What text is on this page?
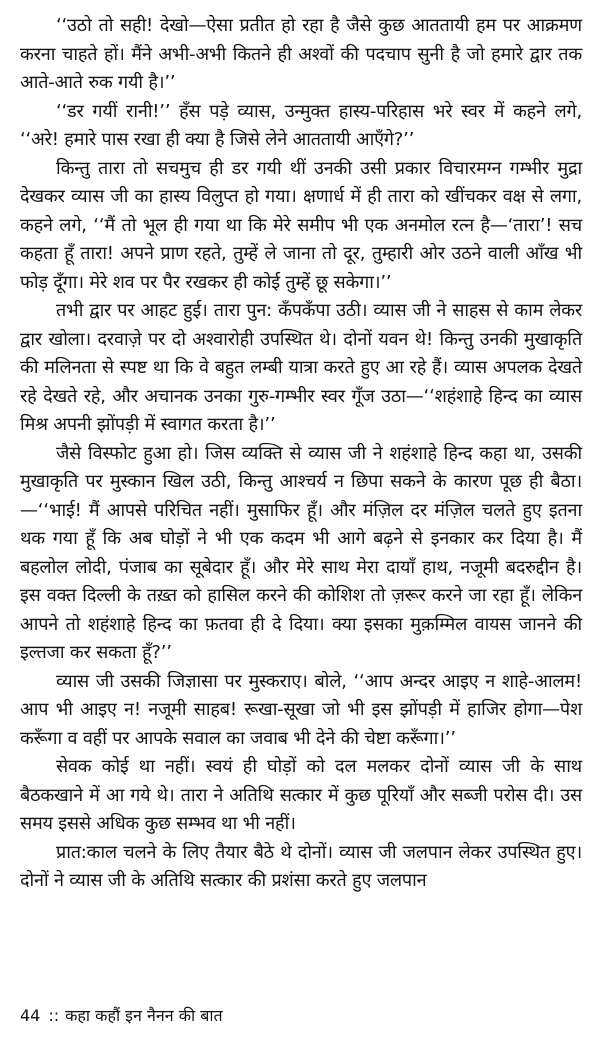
‘‘उठो तो सही! देखो—ऐसा प्रतीत हो रहा है जैसे कुछ आततायी हम पर आक्रमण करना चाहते हों। मैंने अभी-अभी कितने ही अश्वों की पदचाप सुनी है जो हमारे द्वार तक आते-आते रुक गयी है।’’

‘‘डर गयीं रानी!’’ हँस पड़े व्यास, उन्मुक्त हास्य-परिहास भरे स्वर में कहने लगे, ‘‘अरे! हमारे पास रखा ही क्या है जिसे लेने आततायी आएँगे?’’

किन्तु तारा तो सचमुच ही डर गयी थीं उनकी उसी प्रकार विचारमग्न गम्भीर मुद्रा देखकर व्यास जी का हास्य विलुप्त हो गया। क्षणार्ध में ही तारा को खींचकर वक्ष से लगा, कहने लगे, ‘‘मैं तो भूल ही गया था कि मेरे समीप भी एक अनमोल रत्न है—‘तारा’! सच कहता हूँ तारा! अपने प्राण रहते, तुम्हें ले जाना तो दूर, तुम्हारी ओर उठने वाली आँख भी फोड़ दूँगा। मेरे शव पर पैर रखकर ही कोई तुम्हें छू सकेगा।’’

तभी द्वार पर आहट हुई। तारा पुन: कँपकँपा उठी। व्यास जी ने साहस से काम लेकर द्वार खोला। दरवाज़े पर दो अश्वारोही उपस्थित थे। दोनों यवन थे! किन्तु उनकी मुखाकृति की मलिनता से स्पष्ट था कि वे बहुत लम्बी यात्रा करते हुए आ रहे हैं। व्यास अपलक देखते रहे देखते रहे, और अचानक उनका गुरु-गम्भीर स्वर गूँज उठा—‘‘शहंशाहे हिन्द का व्यास मिश्र अपनी झोंपड़ी में स्वागत करता है।’’

जैसे विस्फोट हुआ हो। जिस व्यक्ति से व्यास जी ने शहंशाहे हिन्द कहा था, उसकी मुखाकृति पर मुस्कान खिल उठी, किन्तु आश्चर्य न छिपा सकने के कारण पूछ ही बैठा।—‘‘भाई! मैं आपसे परिचित नहीं। मुसाफिर हूँ। और मंज़िल दर मंज़िल चलते हुए इतना थक गया हूँ कि अब घोड़ों ने भी एक कदम भी आगे बढ़ने से इनकार कर दिया है। मैं बहलोल लोदी, पंजाब का सूबेदार हूँ। और मेरे साथ मेरा दायाँ हाथ, नजूमी बदरुद्दीन है। इस वक्त दिल्ली के तख़्त को हासिल करने की कोशिश तो ज़रूर करने जा रहा हूँ। लेकिन आपने तो शहंशाहे हिन्द का फ़तवा ही दे दिया। क्या इसका मुक़म्मिल वायस जानने की इल्तजा कर सकता हूँ?’’

व्यास जी उसकी जिज्ञासा पर मुस्कराए। बोले, ‘‘आप अन्दर आइए न शाहे-आलम! आप भी आइए न! नजूमी साहब! रूखा-सूखा जो भी इस झोंपड़ी में हाजिर होगा—पेश करूँगा व वहीं पर आपके सवाल का जवाब भी देने की चेष्टा करूँगा।’’

सेवक कोई था नहीं। स्वयं ही घोड़ों को दल मलकर दोनों व्यास जी के साथ बैठकखाने में आ गये थे। तारा ने अतिथि सत्कार में कुछ पूरियाँ और सब्जी परोस दी। उस समय इससे अधिक कुछ सम्भव था भी नहीं।

प्रात:काल चलने के लिए तैयार बैठे थे दोनों। व्यास जी जलपान लेकर उपस्थित हुए। दोनों ने व्यास जी के अतिथि सत्कार की प्रशंसा करते हुए जलपान

44 :: कहा कहौं इन नैनन की बात
